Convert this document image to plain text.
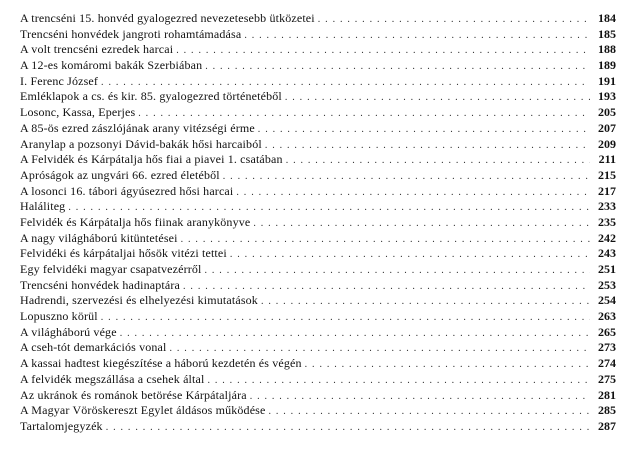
A trencséni 15. honvéd gyalogezred nevezetesebb ütközetei . . .	184
Trencséni honvédek jangroti rohamtámadása . . .	185
A volt trencséni ezredek harcai . . .	188
A 12-es komáromi bakák Szerbiában . . .	189
I. Ferenc József . . .	191
Emléklapok a cs. és kir. 85. gyalogezred történetéből . . .	193
Losonc, Kassa, Eperjes . . .	205
A 85-ös ezred zászlójának arany vitézségi érme . . .	207
Aranylap a pozsonyi Dávid-bakák hősi harcaiból . . .	209
A Felvidék és Kárpátalja hős fiai a piavei 1. csatában . . .	211
Apróságok az ungvári 66. ezred életéből . . .	215
A losonci 16. tábori ágyúsezred hősi harcai . . .	217
Haláliteg . . .	233
Felvidék és Kárpátalja hős fiinak aranykönyve . . .	235
A nagy világháború kitüntetései . . .	242
Felvidéki és kárpátaljai hősök vitézi tettei . . .	243
Egy felvidéki magyar csapatvezérről . . .	251
Trencséni honvédek hadinaptára . . .	253
Hadrendi, szervezési és elhelyezési kimutatások . . .	254
Lopuszno körül . . .	263
A világháború vége . . .	265
A cseh-tót demarkációs vonal . . .	273
A kassai hadtest kiegészítése a háború kezdetén és végén . . .	274
A felvidék megszállása a csehek által . . .	275
Az ukránok és románok betörése Kárpátaljára . . .	281
A Magyar Vöröskereszt Egylet áldásos működése . . .	285
Tartalomjegyzék . . .	287
